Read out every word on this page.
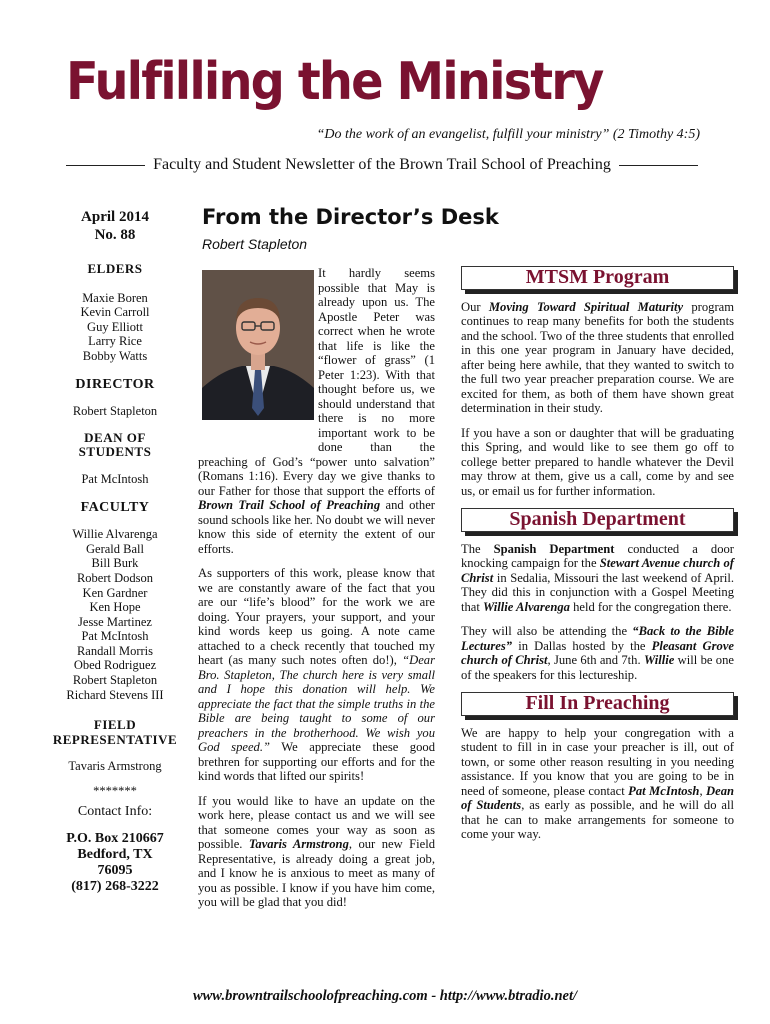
Fulfilling the Ministry
“Do the work of an evangelist, fulfill your ministry” (2 Timothy 4:5)
Faculty and Student Newsletter of the Brown Trail School of Preaching
April 2014
No. 88
ELDERS
Maxie Boren
Kevin Carroll
Guy Elliott
Larry Rice
Bobby Watts
DIRECTOR
Robert Stapleton
DEAN OF
STUDENTS
Pat McIntosh
FACULTY
Willie Alvarenga
Gerald Ball
Bill Burk
Robert Dodson
Ken Gardner
Ken Hope
Jesse Martinez
Pat McIntosh
Randall Morris
Obed Rodriguez
Robert Stapleton
Richard Stevens III
FIELD
REPRESENTATIVE
Tavaris Armstrong
*******
Contact Info:
P.O. Box 210667
Bedford, TX
76095
(817) 268-3222
From the Director’s Desk
Robert Stapleton

It hardly seems possible that May is already upon us. The Apostle Peter was correct when he wrote that life is like the “flower of grass” (1 Peter 1:23). With that thought before us, we should understand that there is no more important work to be done than the preaching of God’s “power unto salvation” (Romans 1:16). Every day we give thanks to our Father for those that support the efforts of Brown Trail School of Preaching and other sound schools like her. No doubt we will never know this side of eternity the extent of our efforts.

As supporters of this work, please know that we are constantly aware of the fact that you are our “life’s blood” for the work we are doing. Your prayers, your support, and your kind words keep us going. A note came attached to a check recently that touched my heart (as many such notes often do!), “Dear Bro. Stapleton, The church here is very small and I hope this donation will help. We appreciate the fact that the simple truths in the Bible are being taught to some of our preachers in the brotherhood. We wish you God speed.” We appreciate these good brethren for supporting our efforts and for the kind words that lifted our spirits!

If you would like to have an update on the work here, please contact us and we will see that someone comes your way as soon as possible. Tavaris Armstrong, our new Field Representative, is already doing a great job, and I know he is anxious to meet as many of you as possible. I know if you have him come, you will be glad that you did!

MTSM Program

Our Moving Toward Spiritual Maturity program continues to reap many benefits for both the students and the school. Two of the three students that enrolled in this one year program in January have decided, after being here awhile, that they wanted to switch to the full two year preacher preparation course. We are excited for them, as both of them have shown great determination in their study.

If you have a son or daughter that will be graduating this Spring, and would like to see them go off to college better prepared to handle whatever the Devil may throw at them, give us a call, come by and see us, or email us for further information.

Spanish Department

The Spanish Department conducted a door knocking campaign for the Stewart Avenue church of Christ in Sedalia, Missouri the last weekend of April. They did this in conjunction with a Gospel Meeting that Willie Alvarenga held for the congregation there.

They will also be attending the “Back to the Bible Lectures” in Dallas hosted by the Pleasant Grove church of Christ, June 6th and 7th. Willie will be one of the speakers for this lectureship.

Fill In Preaching

We are happy to help your congregation with a student to fill in in case your preacher is ill, out of town, or some other reason resulting in you needing assistance. If you know that you are going to be in need of someone, please contact Pat McIntosh, Dean of Students, as early as possible, and he will do all that he can to make arrangements for someone to come your way.

www.browntrailschoolofpreaching.com - http://www.btradio.net/
